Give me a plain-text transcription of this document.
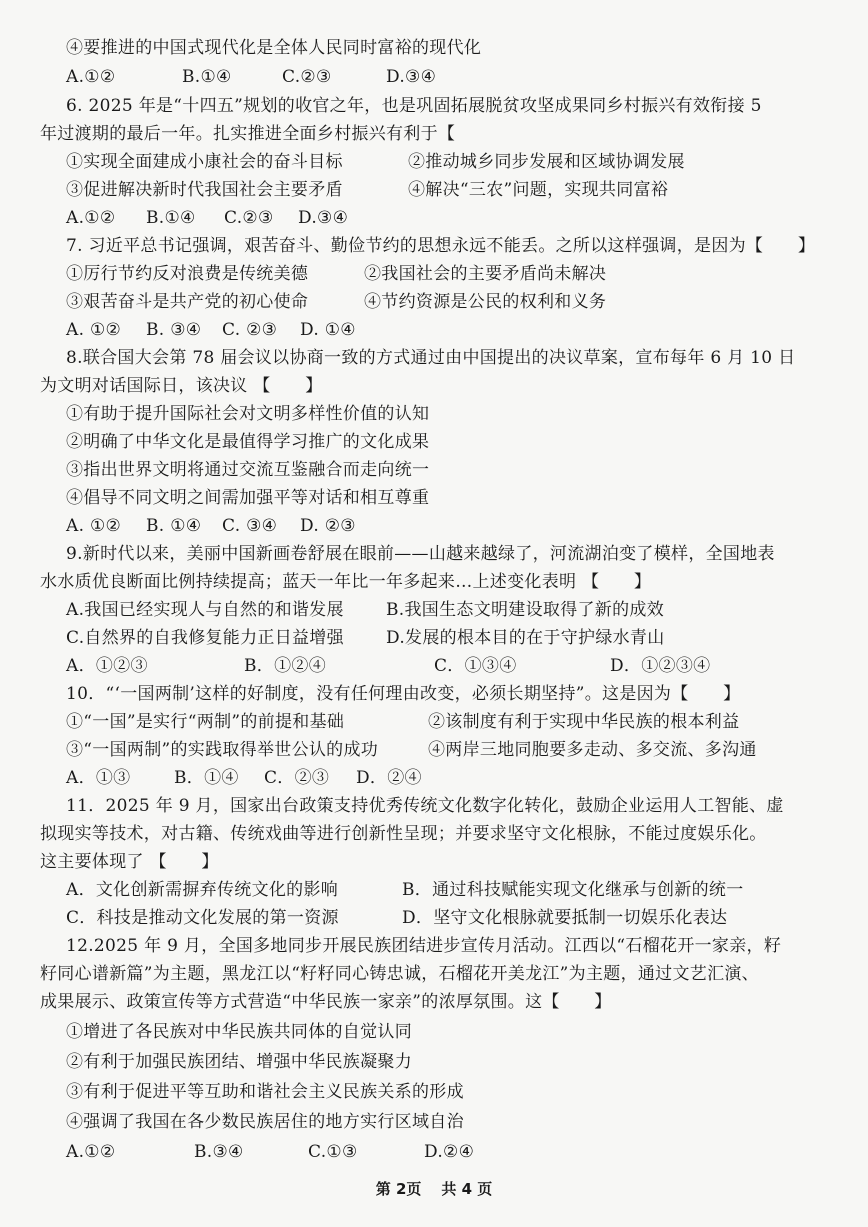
④要推进的中国式现代化是全体人民同时富裕的现代化
A.①②	B.①④	C.②③	D.③④
6. 2025 年是“十四五”规划的收官之年，也是巩固拓展脱贫攻坚成果同乡村振兴有效衔接 5
年过渡期的最后一年。扎实推进全面乡村振兴有利于【
①实现全面建成小康社会的奋斗目标	②推动城乡同步发展和区域协调发展
③促进解决新时代我国社会主要矛盾	④解决“三农”问题，实现共同富裕
A.①② B.①④ C.②③ D.③④
7. 习近平总书记强调，艰苦奋斗、勤俭节约的思想永远不能丢。之所以这样强调，是因为【　　】
①厉行节约反对浪费是传统美德	②我国社会的主要矛盾尚未解决
③艰苦奋斗是共产党的初心使命	④节约资源是公民的权利和义务
A. ①② B. ③④ C. ②③ D. ①④
8.联合国大会第 78 届会议以协商一致的方式通过由中国提出的决议草案，宣布每年 6 月 10 日
为文明对话国际日，该决议 【　　】
①有助于提升国际社会对文明多样性价值的认知
②明确了中华文化是最值得学习推广的文化成果
③指出世界文明将通过交流互鉴融合而走向统一
④倡导不同文明之间需加强平等对话和相互尊重
A. ①② B. ①④ C. ③④ D. ②③
9.新时代以来，美丽中国新画卷舒展在眼前——山越来越绿了，河流湖泊变了模样，全国地表
水水质优良断面比例持续提高；蓝天一年比一年多起来…上述变化表明 【　　】
A.我国已经实现人与自然的和谐发展 B.我国生态文明建设取得了新的成效
C.自然界的自我修复能力正日益增强 D.发展的根本目的在于守护绿水青山
A．①②③	B．①②④	C．①③④	D．①②③④
10．“‘一国两制’这样的好制度，没有任何理由改变，必须长期坚持”。这是因为【　　】
①“一国”是实行“两制”的前提和基础	②该制度有利于实现中华民族的根本利益
③“一国两制”的实践取得举世公认的成功	④两岸三地同胞要多走动、多交流、多沟通
A．①③	B．①④ C．②③ D．②④
11．2025 年 9 月，国家出台政策支持优秀传统文化数字化转化，鼓励企业运用人工智能、虚
拟现实等技术，对古籍、传统戏曲等进行创新性呈现；并要求坚守文化根脉，不能过度娱乐化。
这主要体现了 【　　】
A．文化创新需摒弃传统文化的影响	B．通过科技赋能实现文化继承与创新的统一
C．科技是推动文化发展的第一资源	D．坚守文化根脉就要抵制一切娱乐化表达
12.2025 年 9 月，全国多地同步开展民族团结进步宣传月活动。江西以“石榴花开一家亲，籽
籽同心谱新篇”为主题，黑龙江以“籽籽同心铸忠诚，石榴花开美龙江”为主题，通过文艺汇演、
成果展示、政策宣传等方式营造“中华民族一家亲”的浓厚氛围。这【　　】
①增进了各民族对中华民族共同体的自觉认同
②有利于加强民族团结、增强中华民族凝聚力
③有利于促进平等互助和谐社会主义民族关系的形成
④强调了我国在各少数民族居住的地方实行区域自治
A.①②	B.③④	C.①③	D.②④
第 2页 共 4 页
